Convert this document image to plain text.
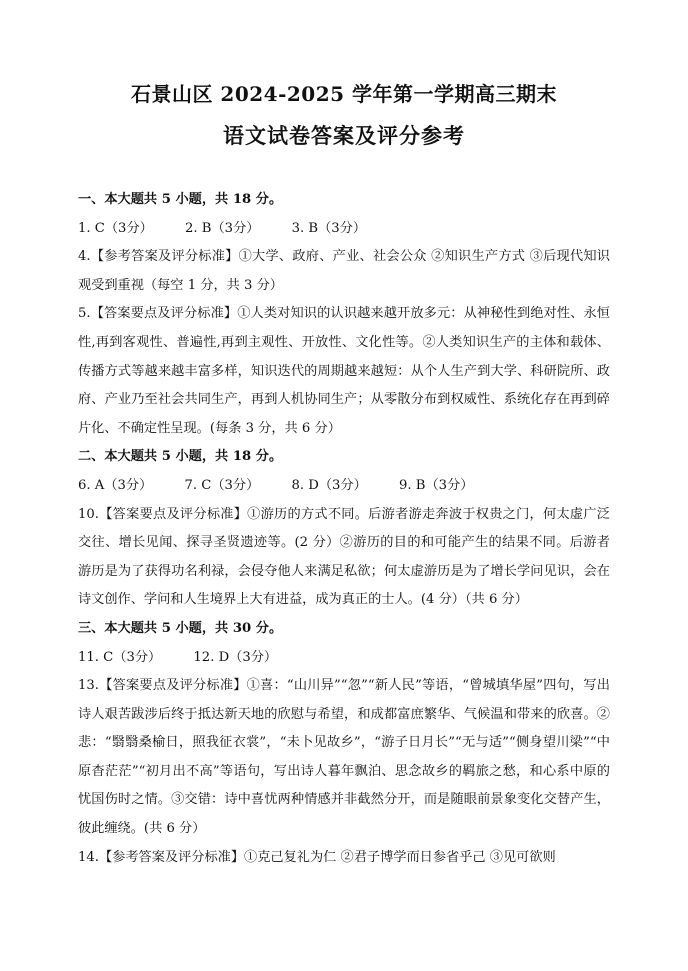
石景山区 2024-2025 学年第一学期高三期末
语文试卷答案及评分参考

一、本大题共 5 小题，共 18 分。

1. C（3分） 2. B（3分） 3. B（3分）

4.【参考答案及评分标准】①大学、政府、产业、社会公众 ②知识生产方式 ③后现代知识观受到重视（每空 1 分，共 3 分）

5.【答案要点及评分标准】①人类对知识的认识越来越开放多元：从神秘性到绝对性、永恒性,再到客观性、普遍性,再到主观性、开放性、文化性等。②人类知识生产的主体和载体、传播方式等越来越丰富多样，知识迭代的周期越来越短：从个人生产到大学、科研院所、政府、产业乃至社会共同生产，再到人机协同生产；从零散分布到权威性、系统化存在再到碎片化、不确定性呈现。(每条 3 分，共 6 分）

二、本大题共 5 小题，共 18 分。

6. A（3分） 7. C（3分） 8. D（3分） 9. B（3分）

10.【答案要点及评分标准】①游历的方式不同。后游者游走奔波于权贵之门，何太虚广泛交往、增长见闻、探寻圣贤遗迹等。(2 分）②游历的目的和可能产生的结果不同。后游者游历是为了获得功名利禄，会侵夺他人来满足私欲；何太虚游历是为了增长学问见识，会在诗文创作、学问和人生境界上大有进益，成为真正的士人。(4 分）（共 6 分）

三、本大题共 5 小题，共 30 分。

11. C（3分） 12. D（3分）

13.【答案要点及评分标准】①喜：“山川异”“忽”“新人民”等语，“曾城填华屋”四句，写出诗人艰苦跋涉后终于抵达新天地的欣慰与希望，和成都富庶繁华、气候温和带来的欣喜。②悲：“翳翳桑榆日，照我征衣裳”，“未卜见故乡”，“游子日月长”“无与适”“侧身望川梁”“中原杳茫茫”“初月出不高”等语句，写出诗人暮年飘泊、思念故乡的羁旅之愁，和心系中原的忧国伤时之情。③交错：诗中喜忧两种情感并非截然分开，而是随眼前景象变化交替产生，彼此缠绕。(共 6 分）

14.【参考答案及评分标准】①克己复礼为仁 ②君子博学而日参省乎己 ③见可欲则
